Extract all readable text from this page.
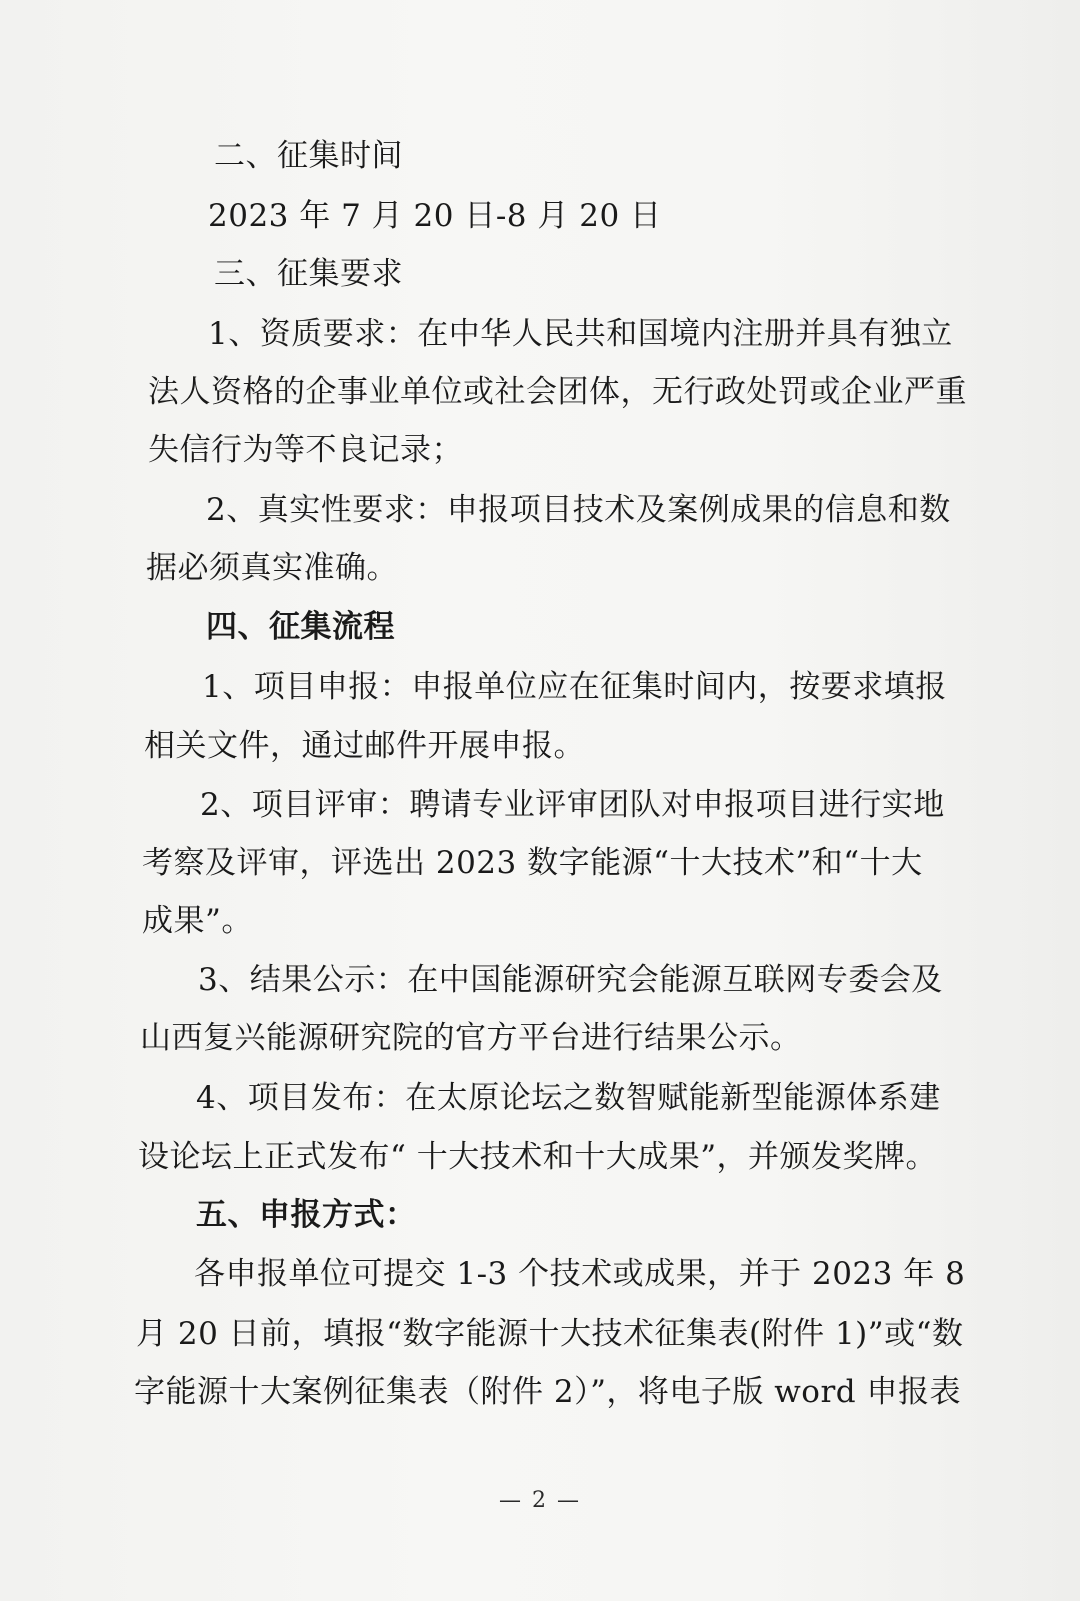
二、征集时间

2023 年 7 月 20 日-8 月 20 日

三、征集要求

1、资质要求：在中华人民共和国境内注册并具有独立

法人资格的企事业单位或社会团体，无行政处罚或企业严重

失信行为等不良记录；

2、真实性要求：申报项目技术及案例成果的信息和数

据必须真实准确。

四、征集流程

1、项目申报：申报单位应在征集时间内，按要求填报

相关文件，通过邮件开展申报。

2、项目评审：聘请专业评审团队对申报项目进行实地

考察及评审，评选出 2023 数字能源“十大技术”和“十大

成果”。

3、结果公示：在中国能源研究会能源互联网专委会及

山西复兴能源研究院的官方平台进行结果公示。

4、项目发布：在太原论坛之数智赋能新型能源体系建

设论坛上正式发布“ 十大技术和十大成果”，并颁发奖牌。

五、申报方式：

各申报单位可提交 1-3 个技术或成果，并于 2023 年 8

月 20 日前，填报“数字能源十大技术征集表(附件 1)”或“数

字能源十大案例征集表（附件 2）”，将电子版 word 申报表

— 2 —
